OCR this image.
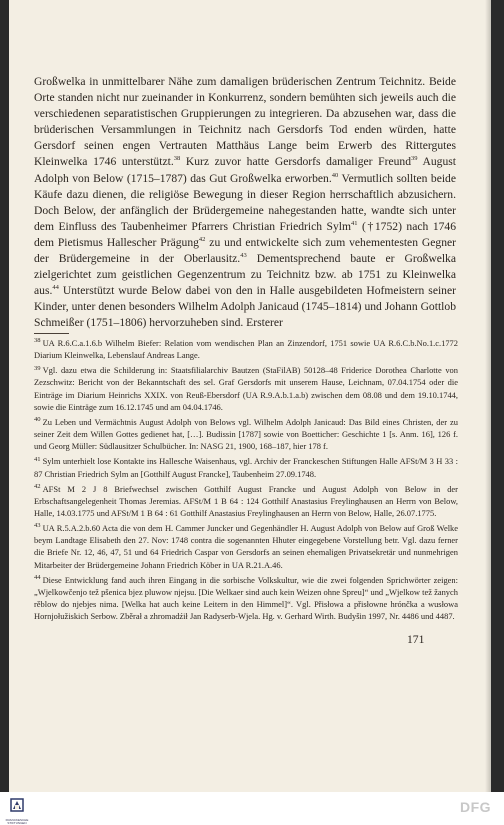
Großwelka in unmittelbarer Nähe zum damaligen brüderischen Zentrum Teichnitz. Beide Orte standen nicht nur zueinander in Konkurrenz, sondern bemühten sich jeweils auch die verschiedenen separatistischen Gruppierungen zu integrieren. Da abzusehen war, dass die brüderischen Versammlungen in Teichnitz nach Gersdorfs Tod enden würden, hatte Gersdorf seinen engen Vertrauten Matthäus Lange beim Erwerb des Rittergutes Kleinwelka 1746 unterstützt.$^{38}$ Kurz zuvor hatte Gersdorfs damaliger Freund$^{39}$ August Adolph von Below (1715–1787) das Gut Großwelka erworben.$^{40}$ Vermutlich sollten beide Käufe dazu dienen, die religiöse Bewegung in dieser Region herrschaftlich abzusichern. Doch Below, der anfänglich der Brüdergemeine nahegestanden hatte, wandte sich unter dem Einfluss des Taubenheimer Pfarrers Christian Friedrich Sylm$^{41}$ (†1752) nach 1746 dem Pietismus Hallescher Prägung$^{42}$ zu und entwickelte sich zum vehementesten Gegner der Brüdergemeine in der Oberlausitz.$^{43}$ Dementsprechend baute er Großwelka zielgerichtet zum geistlichen Gegenzentrum zu Teichnitz bzw. ab 1751 zu Kleinwelka aus.$^{44}$ Unterstützt wurde Below dabei von den in Halle ausgebildeten Hofmeistern seiner Kinder, unter denen besonders Wilhelm Adolph Janicaud (1745–1814) und Johann Gottlob Schmeißer (1751–1806) hervorzuheben sind. Ersterer

$^{38}$ UA R.6.C.a.1.6.b Wilhelm Biefer: Relation vom wendischen Plan an Zinzendorf, 1751 sowie UA R.6.C.b.No.1.c.1772 Diarium Kleinwelka, Lebenslauf Andreas Lange.

$^{39}$ Vgl. dazu etwa die Schilderung in: Staatsfilialarchiv Bautzen (StaFilAB) 50128–48 Friderice Dorothea Charlotte von Zezschwitz: Bericht von der Bekanntschaft des sel. Graf Gersdorfs mit unserem Hause, Leichnam, 07.04.1754 oder die Einträge im Diarium Heinrichs XXIX. von Reuß-Ebersdorf (UA R.9.A.b.1.a.b) zwischen dem 08.08 und dem 19.10.1744, sowie die Einträge zum 16.12.1745 und am 04.04.1746.

$^{40}$ Zu Leben und Vermächtnis August Adolph von Belows vgl. Wilhelm Adolph Janicaud: Das Bild eines Christen, der zu seiner Zeit dem Willen Gottes gedienet hat, […]. Budissin [1787] sowie von Boetticher: Geschichte 1 [s. Anm. 16], 126 f. und Georg Müller: Südlausitzer Schulbücher. In: NASG 21, 1900, 168–187, hier 178 f.

$^{41}$ Sylm unterhielt lose Kontakte ins Hallesche Waisenhaus, vgl. Archiv der Franckeschen Stiftungen Halle AFSt/M 3 H 33 : 87 Christian Friedrich Sylm an [Gotthilf August Francke], Taubenheim 27.09.1748.

$^{42}$ AFSt M 2 J 8 Briefwechsel zwischen Gotthilf August Francke und August Adolph von Below in der Erbschaftsangelegenheit Thomas Jeremias. AFSt/M 1 B 64 : 124 Gotthilf Anastasius Freylinghausen an Herrn von Below, Halle, 14.03.1775 und AFSt/M 1 B 64 : 61 Gotthilf Anastasius Freylinghausen an Herrn von Below, Halle, 26.07.1775.

$^{43}$ UA R.5.A.2.b.60 Acta die von dem H. Cammer Juncker und Gegenhändler H. August Adolph von Below auf Groß Welke beym Landtage Elisabeth den 27. Nov: 1748 contra die sogenannten Hhuter eingegebene Vorstellung betr. Vgl. dazu ferner die Briefe Nr. 12, 46, 47, 51 und 64 Friedrich Caspar von Gersdorfs an seinen ehemaligen Privatsekretär und nunmehrigen Mitarbeiter der Brüdergemeine Johann Friedrich Köber in UA R.21.A.46.

$^{44}$ Diese Entwicklung fand auch ihren Eingang in die sorbische Volkskultur, wie die zwei folgenden Sprichwörter zeigen: „Wjelkowčenjo tež pšenica bjez pluwow njejsu. [Die Welkaer sind auch kein Weizen ohne Spreu]“ und „Wjelkow tež žanych rěblow do njebjes nima. [Welka hat auch keine Leitern in den Himmel]“. Vgl. Přisłowa a přisłowne hrónčka a wusłowa Hornjołužiskich Serbow. Zběrał a zhromadźił Jan Radyserb-Wjela. Hg. v. Gerhard Wirth. Budyšin 1997, Nr. 4486 und 4487.

171
FRANCKESCHE STIFTUNGEN
DFG
